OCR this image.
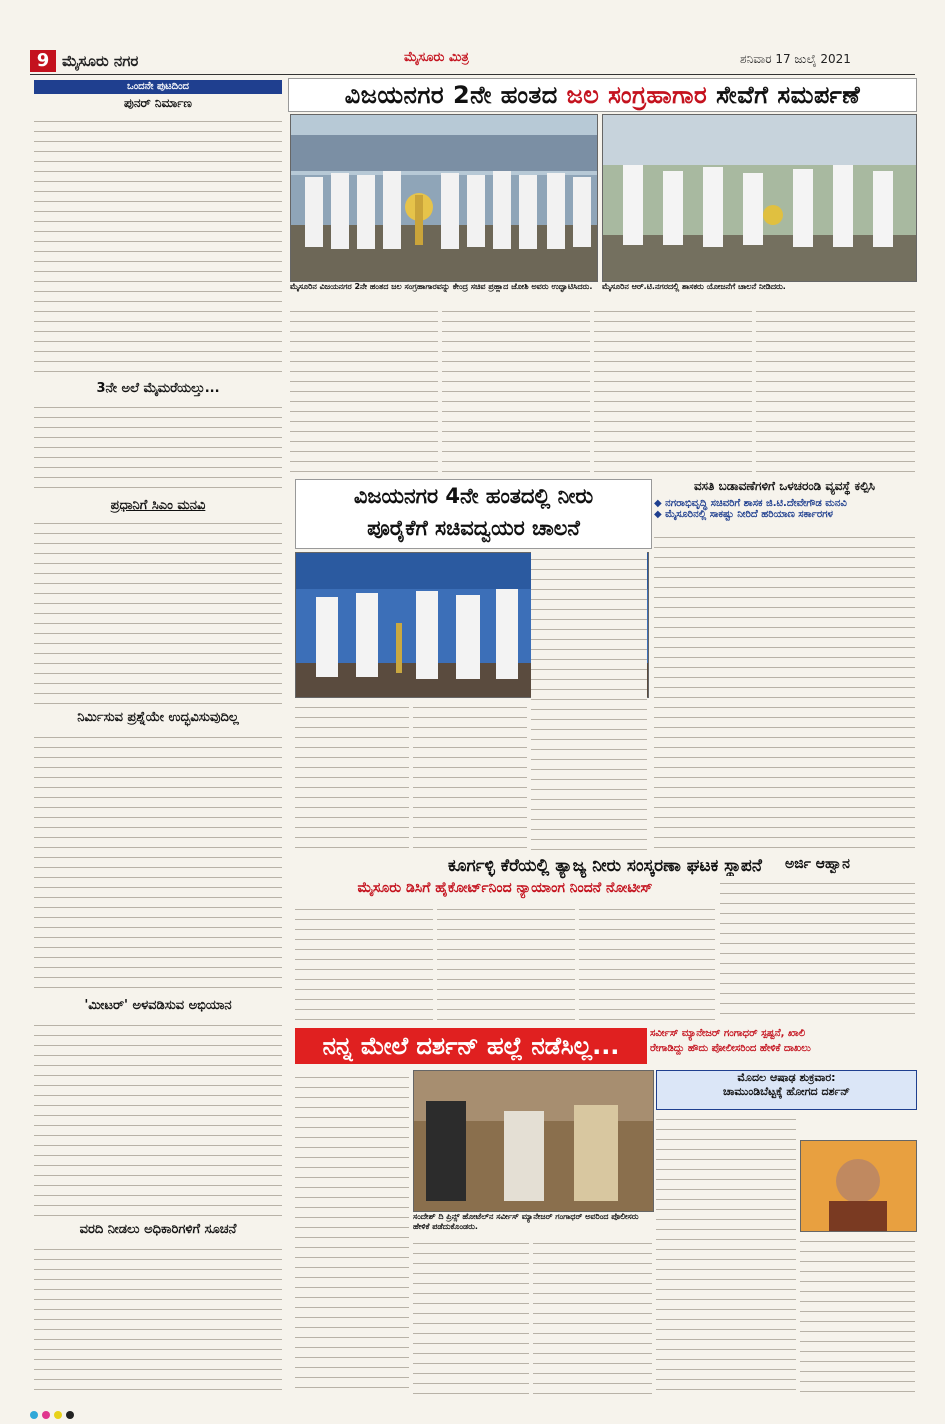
9 ಮೈಸೂರು ನಗರ	ಮೈಸೂರು ಮಿತ್ರ	ಶನಿವಾರ 17 ಜುಲೈ 2021
ಒಂದನೇ ಪುಟದಿಂದ
ಪುನರ್ ನಿರ್ಮಾಣ
3ನೇ ಅಲೆ ಮೈಮರೆಯಲ್ತು...
ಪ್ರಧಾನಿಗೆ ಸಿಎಂ ಮನವಿ
ನಿರ್ಮಿಸುವ ಪ್ರಶ್ನೆಯೇ ಉದ್ಭವಿಸುವುದಿಲ್ಲ
'ಮೀಟರ್' ಅಳವಡಿಸುವ ಅಭಿಯಾನ
ವರದಿ ನೀಡಲು ಅಧಿಕಾರಿಗಳಿಗೆ ಸೂಚನೆ
ವಿಜಯನಗರ 2ನೇ ಹಂತದ ಜಲ ಸಂಗ್ರಹಾಗಾರ ಸೇವೆಗೆ ಸಮರ್ಪಣೆ
ಮೈಸೂರಿನ ವಿಜಯನಗರ 2ನೇ ಹಂತದ ಜಲ ಸಂಗ್ರಹಾಗಾರವನ್ನು ಕೇಂದ್ರ ಸಚಿವ ಪ್ರಹ್ಲಾದ ಜೋಶಿ ಅವರು ಉದ್ಘಾಟಿಸಿದರು.	ಮೈಸೂರಿನ ಆರ್.ಟಿ.ನಗರದಲ್ಲಿ ಶಾಸಕರು ಯೋಜನೆಗೆ ಚಾಲನೆ ನೀಡಿದರು.
ವಿಜಯನಗರ 4ನೇ ಹಂತದಲ್ಲಿ ನೀರು
ಪೂರೈಕೆಗೆ ಸಚಿವದ್ವಯರ ಚಾಲನೆ
ವಸತಿ ಬಡಾವಣೆಗಳಿಗೆ ಒಳಚರಂಡಿ ವ್ಯವಸ್ಥೆ ಕಲ್ಪಿಸಿ
◆ ನಗರಾಭಿವೃದ್ಧಿ ಸಚಿವರಿಗೆ ಶಾಸಕ ಜಿ.ಟಿ.ದೇವೇಗೌಡ ಮನವಿ
◆ ಮೈಸೂರಿನಲ್ಲಿ ಸಾಕಷ್ಟು ನೀರಿದೆ ಹರಿಯಾಣ ಸರ್ಕಾರಗಳ
ಕೂರ್ಗಳ್ಳಿ ಕೆರೆಯಲ್ಲಿ ತ್ಯಾಜ್ಯ ನೀರು ಸಂಸ್ಕರಣಾ ಘಟಕ ಸ್ಥಾಪನೆ
ಮೈಸೂರು ಡಿಸಿಗೆ ಹೈಕೋರ್ಟ್‌ನಿಂದ ನ್ಯಾಯಾಂಗ ನಿಂದನೆ ನೋಟೀಸ್
ಅರ್ಜಿ ಆಹ್ವಾನ
ನನ್ನ ಮೇಲೆ ದರ್ಶನ್ ಹಲ್ಲೆ ನಡೆಸಿಲ್ಲ...	ಸರ್ವೀಸ್ ಮ್ಯಾನೇಜರ್ ಗಂಗಾಧರ್ ಸ್ಪಷ್ಟನೆ, ಖಾಲಿ
ರೇಗಾಡಿದ್ದು ಹೌದು ಪೋಲೀಸರಿಂದ ಹೇಳಿಕೆ ದಾಖಲು
ಸಂದೇಶ್ ದಿ ಪ್ರಿನ್ಸ್ ಹೋಟೆಲ್‌ನ ಸರ್ವೀಸ್ ಮ್ಯಾನೇಜರ್ ಗಂಗಾಧರ್ ಅವರಿಂದ ಪೊಲೀಸರು ಹೇಳಿಕೆ ಪಡೆದುಕೊಂಡರು.
ಮೊದಲ ಆಷಾಢ ಶುಕ್ರವಾರ:
ಚಾಮುಂಡಿಬೆಟ್ಟಕ್ಕೆ ಹೋಗದ ದರ್ಶನ್
